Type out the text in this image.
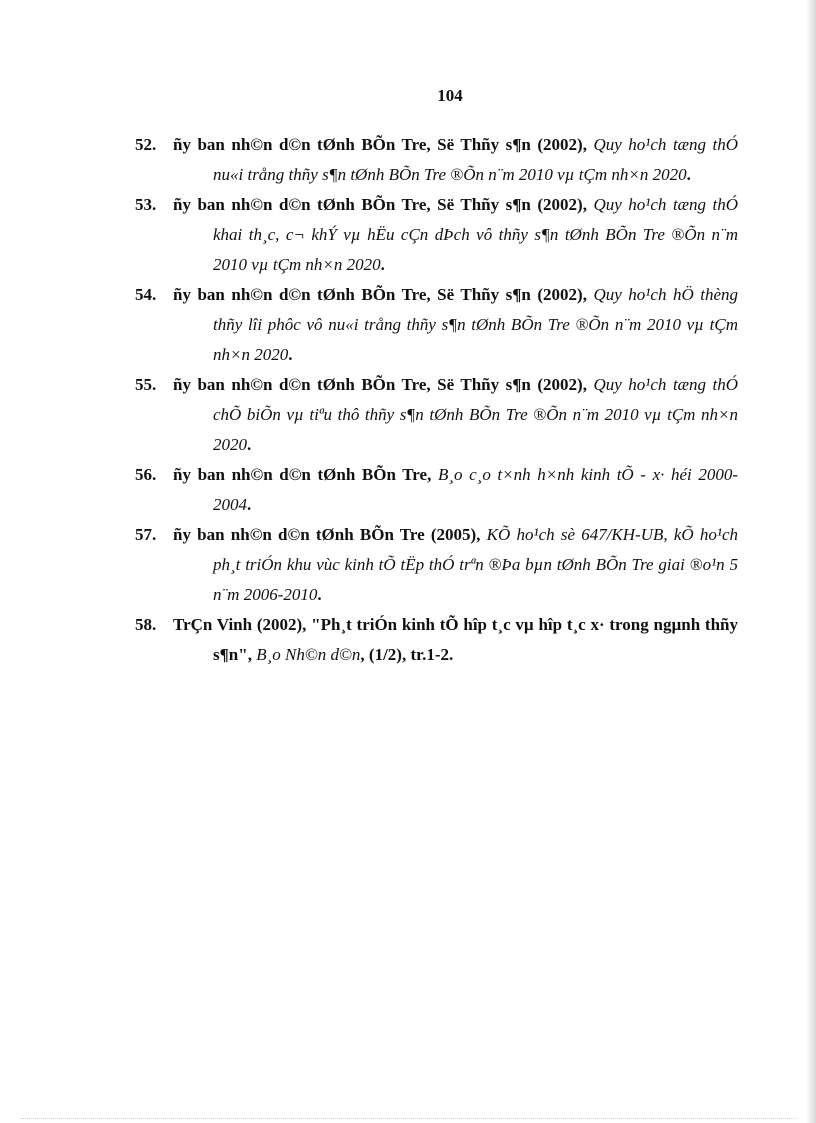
104
52. ñy ban nh©n d©n tØnh BÕn Tre, Së Thñy s¶n (2002), Quy ho¹ch tæng thÓ nu«i trång thñy s¶n tØnh BÕn Tre ®Õn n¨m 2010 vµ tÇm nh×n 2020.
53. ñy ban nh©n d©n tØnh BÕn Tre, Së Thñy s¶n (2002), Quy ho¹ch tæng thÓ khai th¸c, c¬ khÝ vµ hËu cÇn dÞch vô thñy s¶n tØnh BÕn Tre ®Õn n¨m 2010 vµ tÇm nh×n 2020.
54. ñy ban nh©n d©n tØnh BÕn Tre, Së Thñy s¶n (2002), Quy ho¹ch hÖ thèng thñy lîi phôc vô nu«i trång thñy s¶n tØnh BÕn Tre ®Õn n¨m 2010 vµ tÇm nh×n 2020.
55. ñy ban nh©n d©n tØnh BÕn Tre, Së Thñy s¶n (2002), Quy ho¹ch tæng thÓ chÕ biÕn vµ tiªu thô thñy s¶n tØnh BÕn Tre ®Õn n¨m 2010 vµ tÇm nh×n 2020.
56. ñy ban nh©n d©n tØnh BÕn Tre, B¸o c¸o t×nh h×nh kinh tÕ - x· héi 2000-2004.
57. ñy ban nh©n d©n tØnh BÕn Tre (2005), KÕ ho¹ch sè 647/KH-UB, kÕ ho¹ch ph¸t triÓn khu vùc kinh tÕ tËp thÓ trªn ®Þa bµn tØnh BÕn Tre giai ®o¹n 5 n¨m 2006-2010.
58. TrÇn Vinh (2002), "Ph¸t triÓn kinh tÕ hîp t¸c vµ hîp t¸c x· trong ngµnh thñy s¶n", B¸o Nh©n d©n, (1/2), tr.1-2.
